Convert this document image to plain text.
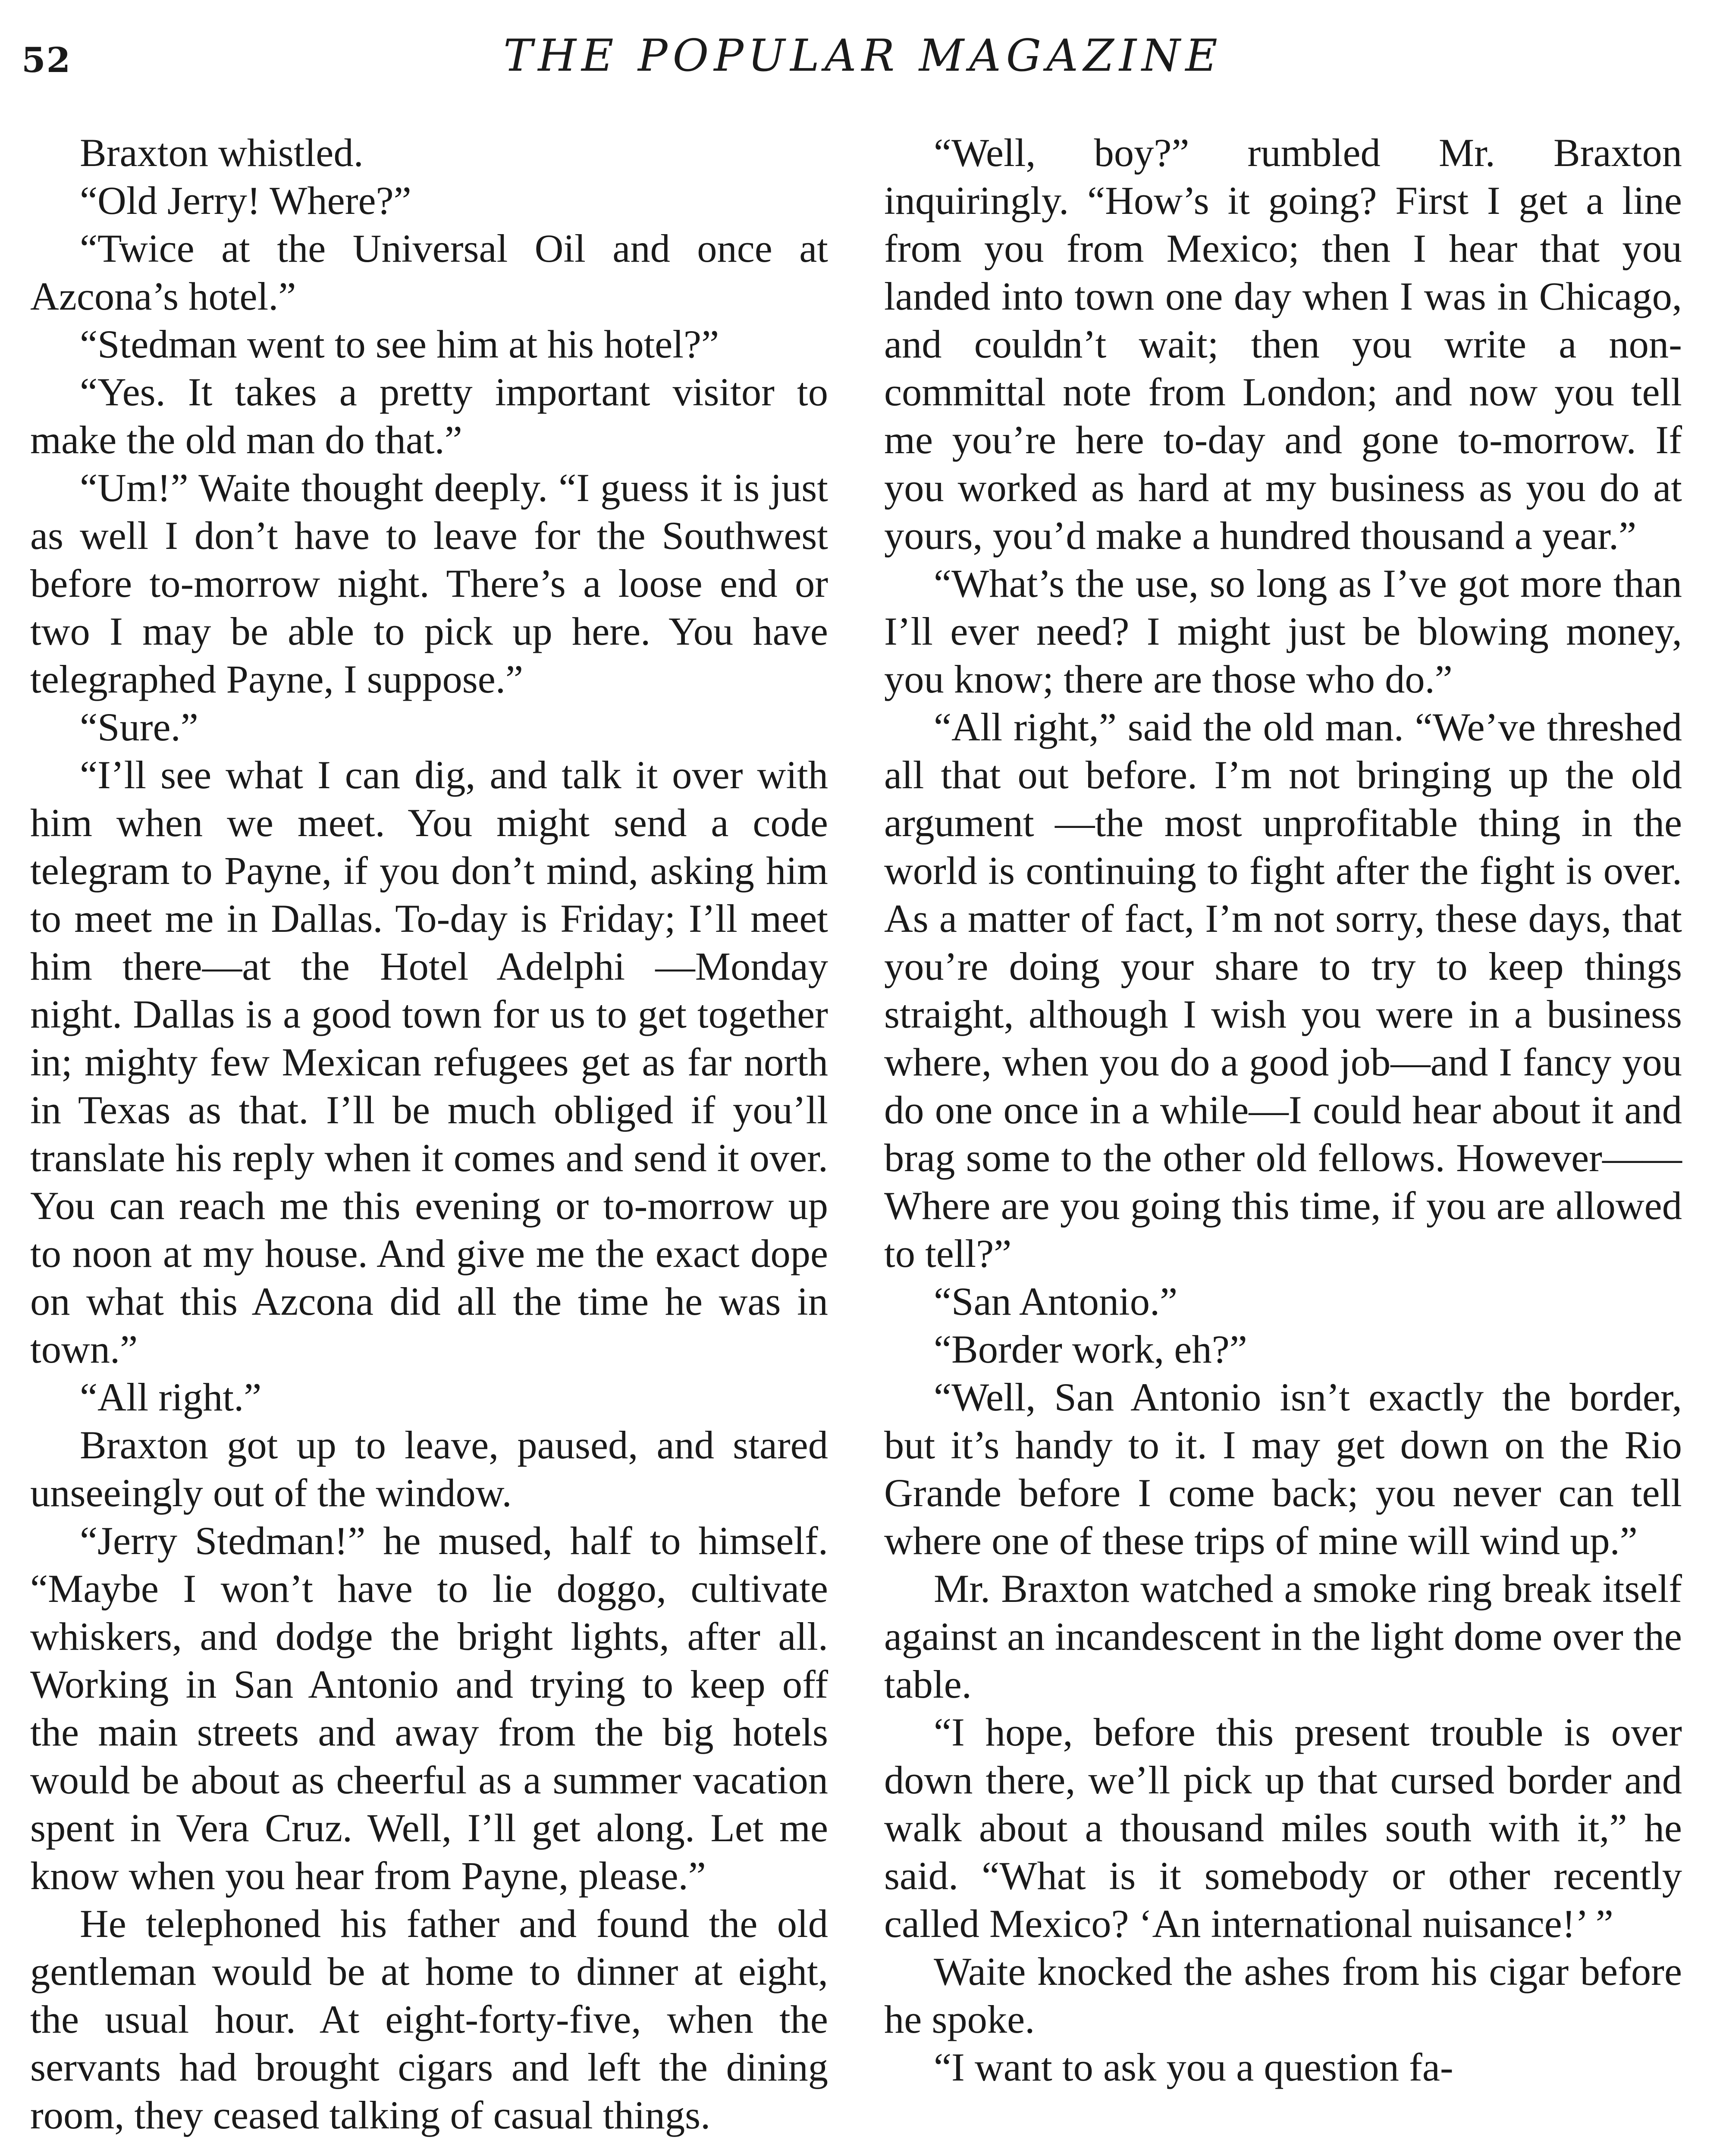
52	THE POPULAR MAGAZINE

Braxton whistled.

“Old Jerry! Where?”

“Twice at the Universal Oil and once at Azcona’s hotel.”

“Stedman went to see him at his hotel?”

“Yes. It takes a pretty important visitor to make the old man do that.”

“Um!” Waite thought deeply. “I guess it is just as well I don’t have to leave for the Southwest before to-morrow night. There’s a loose end or two I may be able to pick up here. You have telegraphed Payne, I suppose.”

“Sure.”

“I’ll see what I can dig, and talk it over with him when we meet. You might send a code telegram to Payne, if you don’t mind, asking him to meet me in Dallas. To-day is Friday; I’ll meet him there—at the Hotel Adelphi —Monday night. Dallas is a good town for us to get together in; mighty few Mexican refugees get as far north in Texas as that. I’ll be much obliged if you’ll translate his reply when it comes and send it over. You can reach me this evening or to-morrow up to noon at my house. And give me the exact dope on what this Azcona did all the time he was in town.”

“All right.”

Braxton got up to leave, paused, and stared unseeingly out of the window.

“Jerry Stedman!” he mused, half to himself. “Maybe I won’t have to lie doggo, cultivate whiskers, and dodge the bright lights, after all. Working in San Antonio and trying to keep off the main streets and away from the big hotels would be about as cheerful as a summer vacation spent in Vera Cruz. Well, I’ll get along. Let me know when you hear from Payne, please.”

He telephoned his father and found the old gentleman would be at home to dinner at eight, the usual hour. At eight-forty-five, when the servants had brought cigars and left the dining room, they ceased talking of casual things.

“Well, boy?” rumbled Mr. Braxton inquiringly. “How’s it going? First I get a line from you from Mexico; then I hear that you landed into town one day when I was in Chicago, and couldn’t wait; then you write a non-committal note from London; and now you tell me you’re here to-day and gone to-morrow. If you worked as hard at my business as you do at yours, you’d make a hundred thousand a year.”

“What’s the use, so long as I’ve got more than I’ll ever need? I might just be blowing money, you know; there are those who do.”

“All right,” said the old man. “We’ve threshed all that out before. I’m not bringing up the old argument —the most unprofitable thing in the world is continuing to fight after the fight is over. As a matter of fact, I’m not sorry, these days, that you’re doing your share to try to keep things straight, although I wish you were in a business where, when you do a good job—and I fancy you do one once in a while—I could hear about it and brag some to the other old fellows. However—— Where are you going this time, if you are allowed to tell?”

“San Antonio.”

“Border work, eh?”

“Well, San Antonio isn’t exactly the border, but it’s handy to it. I may get down on the Rio Grande before I come back; you never can tell where one of these trips of mine will wind up.”

Mr. Braxton watched a smoke ring break itself against an incandescent in the light dome over the table.

“I hope, before this present trouble is over down there, we’ll pick up that cursed border and walk about a thousand miles south with it,” he said. “What is it somebody or other recently called Mexico? ‘An international nuisance!’ ”

Waite knocked the ashes from his cigar before he spoke.

“I want to ask you a question fa-
